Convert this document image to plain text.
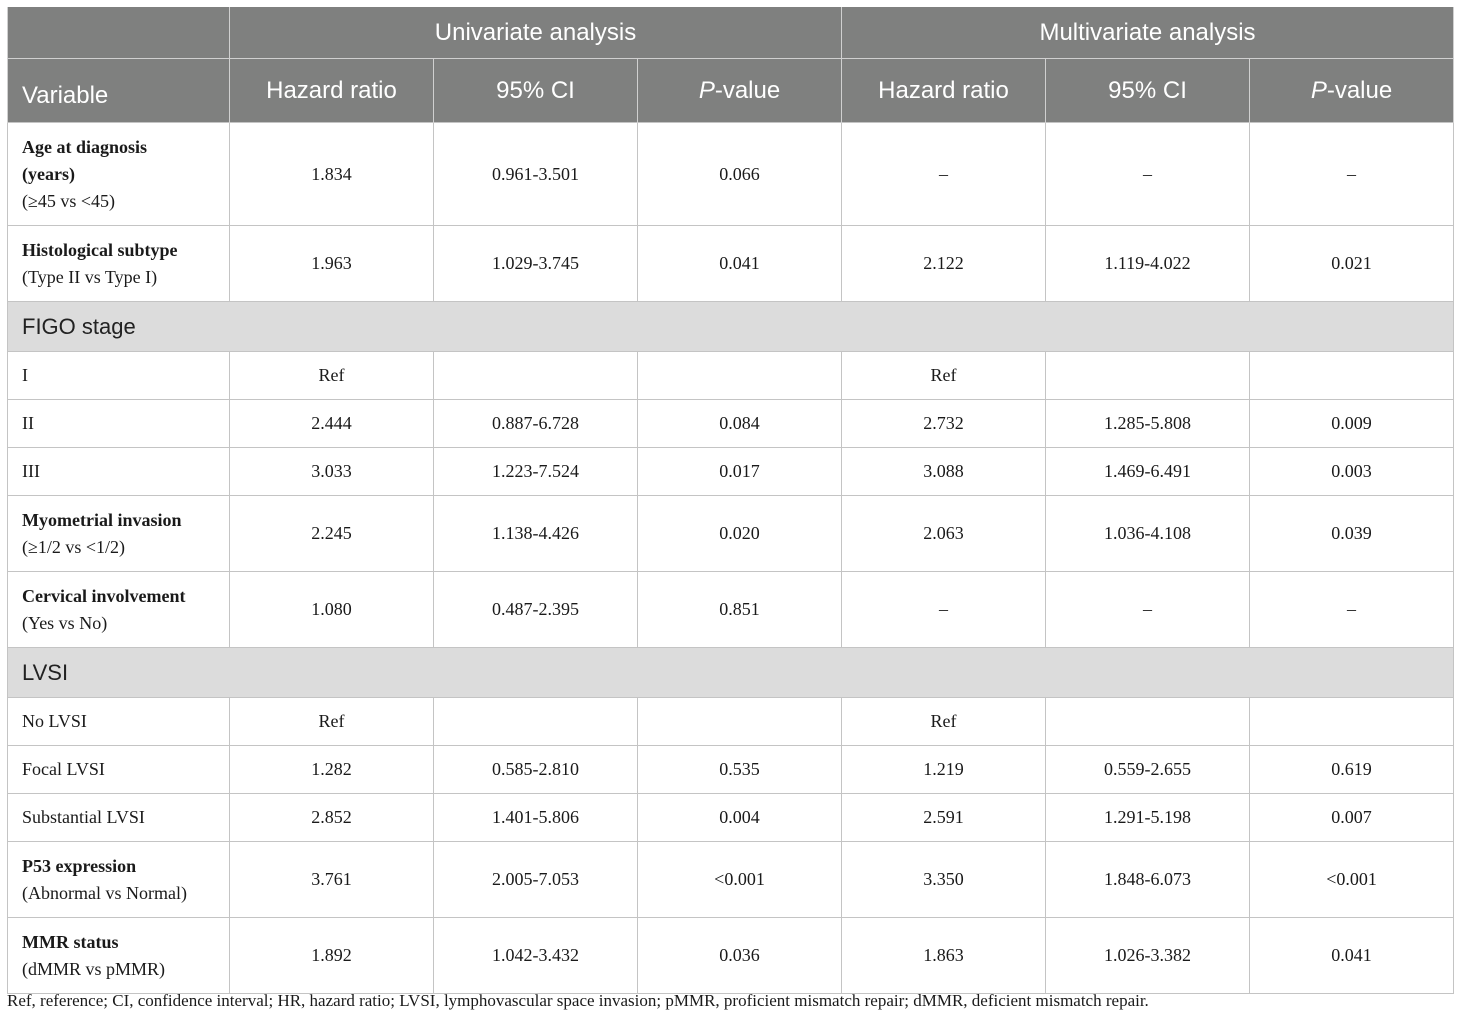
	Univariate analysis			Multivariate analysis		
Variable	Hazard ratio	95% CI	P-value	Hazard ratio	95% CI	P-value

Age at diagnosis (years)
(≥45 vs <45)	1.834	0.961-3.501	0.066	–	–	–

Histological subtype
(Type II vs Type I)	1.963	1.029-3.745	0.041	2.122	1.119-4.022	0.021
FIGO stage						
I	Ref			Ref		
II	2.444	0.887-6.728	0.084	2.732	1.285-5.808	0.009
III	3.033	1.223-7.524	0.017	3.088	1.469-6.491	0.003

Myometrial invasion
(≥1/2 vs <1/2)	2.245	1.138-4.426	0.020	2.063	1.036-4.108	0.039

Cervical involvement
(Yes vs No)	1.080	0.487-2.395	0.851	–	–	–
LVSI						
No LVSI	Ref			Ref		
Focal LVSI	1.282	0.585-2.810	0.535	1.219	0.559-2.655	0.619
Substantial LVSI	2.852	1.401-5.806	0.004	2.591	1.291-5.198	0.007

P53 expression
(Abnormal vs Normal)	3.761	2.005-7.053	<0.001	3.350	1.848-6.073	<0.001

MMR status
(dMMR vs pMMR)	1.892	1.042-3.432	0.036	1.863	1.026-3.382	0.041
Ref, reference; CI, confidence interval; HR, hazard ratio; LVSI, lymphovascular space invasion; pMMR, proficient mismatch repair; dMMR, deficient mismatch repair.
